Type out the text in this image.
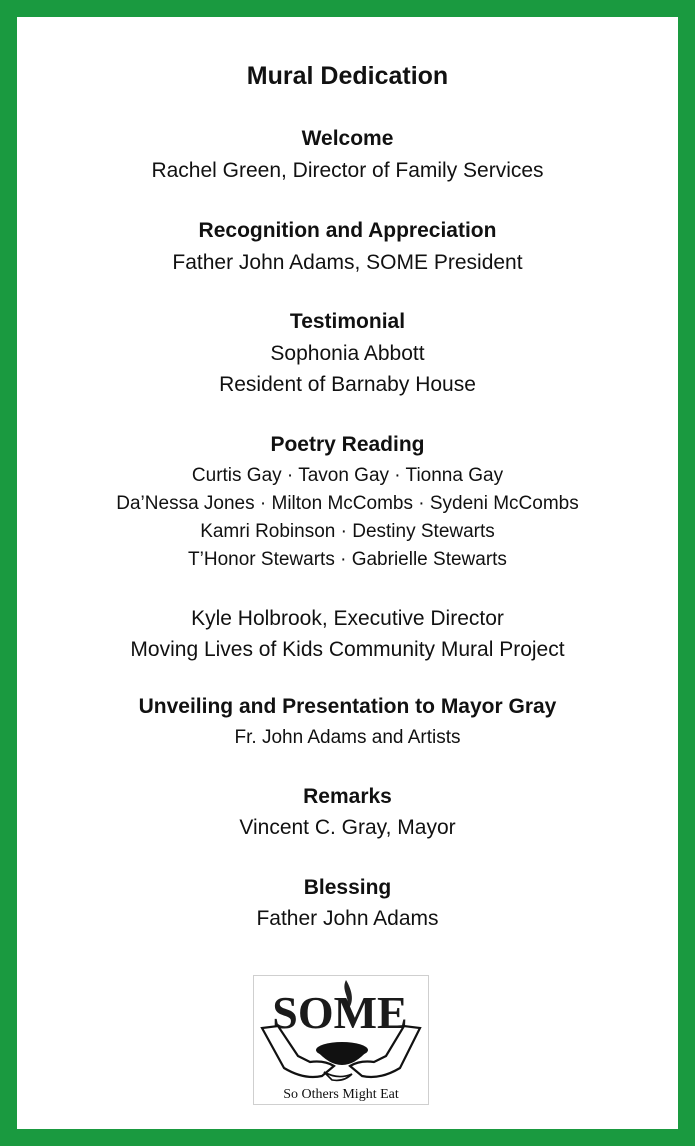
Mural Dedication
Welcome
Rachel Green, Director of Family Services
Recognition and Appreciation
Father John Adams, SOME President
Testimonial
Sophonia Abbott
Resident of Barnaby House
Poetry Reading
Curtis Gay · Tavon Gay · Tionna Gay
Da’Nessa Jones · Milton McCombs · Sydeni McCombs
Kamri Robinson · Destiny Stewarts
T’Honor Stewarts · Gabrielle Stewarts
Kyle Holbrook, Executive Director
Moving Lives of Kids Community Mural Project
Unveiling and Presentation to Mayor Gray
Fr. John Adams and Artists
Remarks
Vincent C. Gray, Mayor
Blessing
Father John Adams
SOME
So Others Might Eat
